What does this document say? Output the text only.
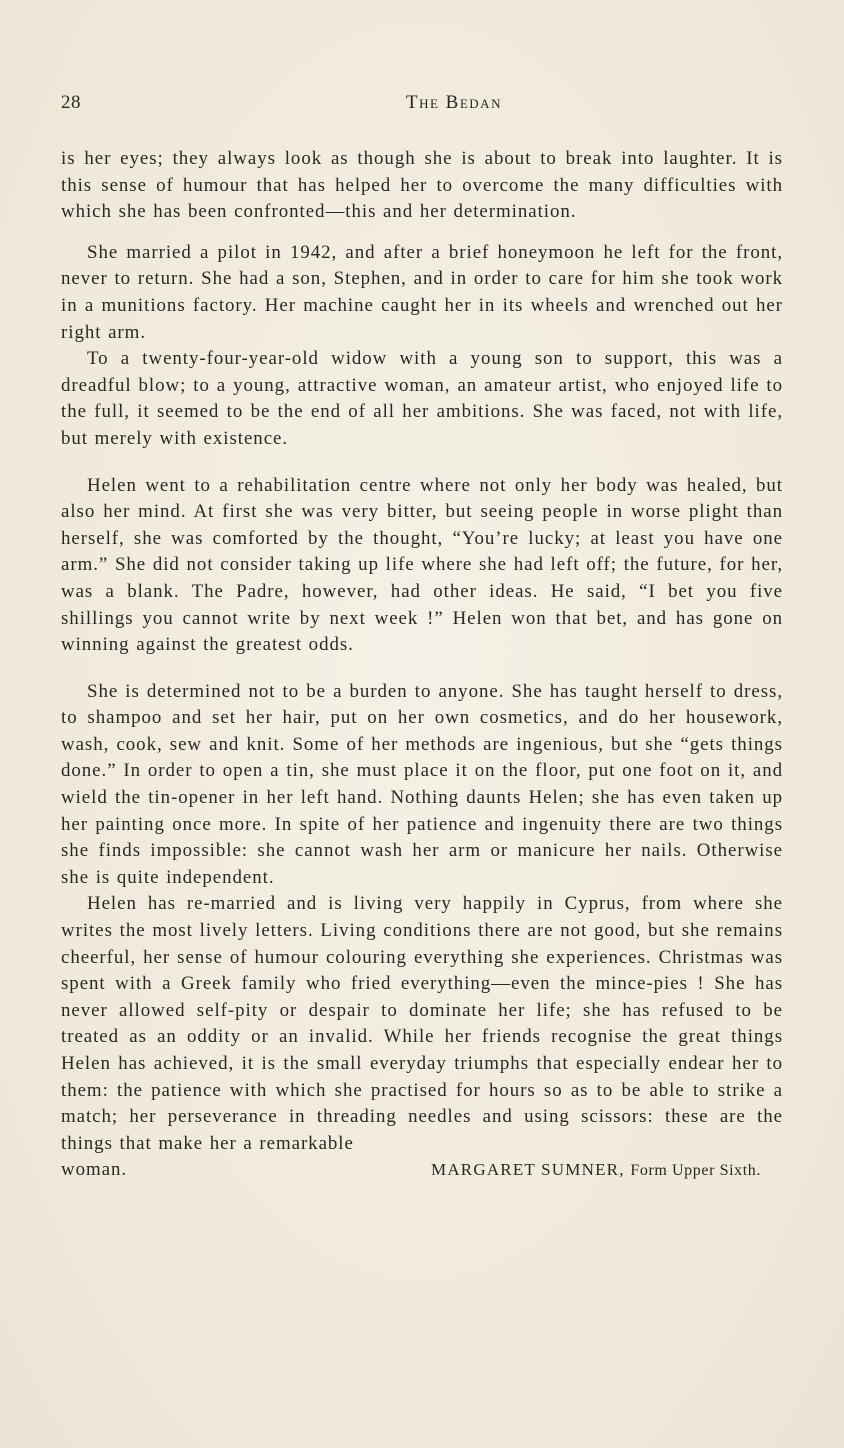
28	The Bedan

is her eyes; they always look as though she is about to break into laughter. It is this sense of humour that has helped her to overcome the many difficulties with which she has been confronted—this and her determination.

She married a pilot in 1942, and after a brief honeymoon he left for the front, never to return. She had a son, Stephen, and in order to care for him she took work in a munitions factory. Her machine caught her in its wheels and wrenched out her right arm.

To a twenty-four-year-old widow with a young son to support, this was a dreadful blow; to a young, attractive woman, an amateur artist, who enjoyed life to the full, it seemed to be the end of all her ambitions. She was faced, not with life, but merely with existence.

Helen went to a rehabilitation centre where not only her body was healed, but also her mind. At first she was very bitter, but seeing people in worse plight than herself, she was comforted by the thought, “You’re lucky; at least you have one arm.” She did not consider taking up life where she had left off; the future, for her, was a blank. The Padre, however, had other ideas. He said, “I bet you five shillings you cannot write by next week !” Helen won that bet, and has gone on winning against the greatest odds.

She is determined not to be a burden to anyone. She has taught herself to dress, to shampoo and set her hair, put on her own cosmetics, and do her housework, wash, cook, sew and knit. Some of her methods are ingenious, but she “gets things done.” In order to open a tin, she must place it on the floor, put one foot on it, and wield the tin-opener in her left hand. Nothing daunts Helen; she has even taken up her painting once more. In spite of her patience and ingenuity there are two things she finds impossible: she cannot wash her arm or manicure her nails. Otherwise she is quite independent.

Helen has re-married and is living very happily in Cyprus, from where she writes the most lively letters. Living conditions there are not good, but she remains cheerful, her sense of humour colouring everything she experiences. Christmas was spent with a Greek family who fried everything—even the mince-pies ! She has never allowed self-pity or despair to dominate her life; she has refused to be treated as an oddity or an invalid. While her friends recognise the great things Helen has achieved, it is the small everyday triumphs that especially endear her to them: the patience with which she practised for hours so as to be able to strike a match; her perseverance in threading needles and using scissors: these are the things that make her a remarkable

woman.	MARGARET SUMNER, Form Upper Sixth.
